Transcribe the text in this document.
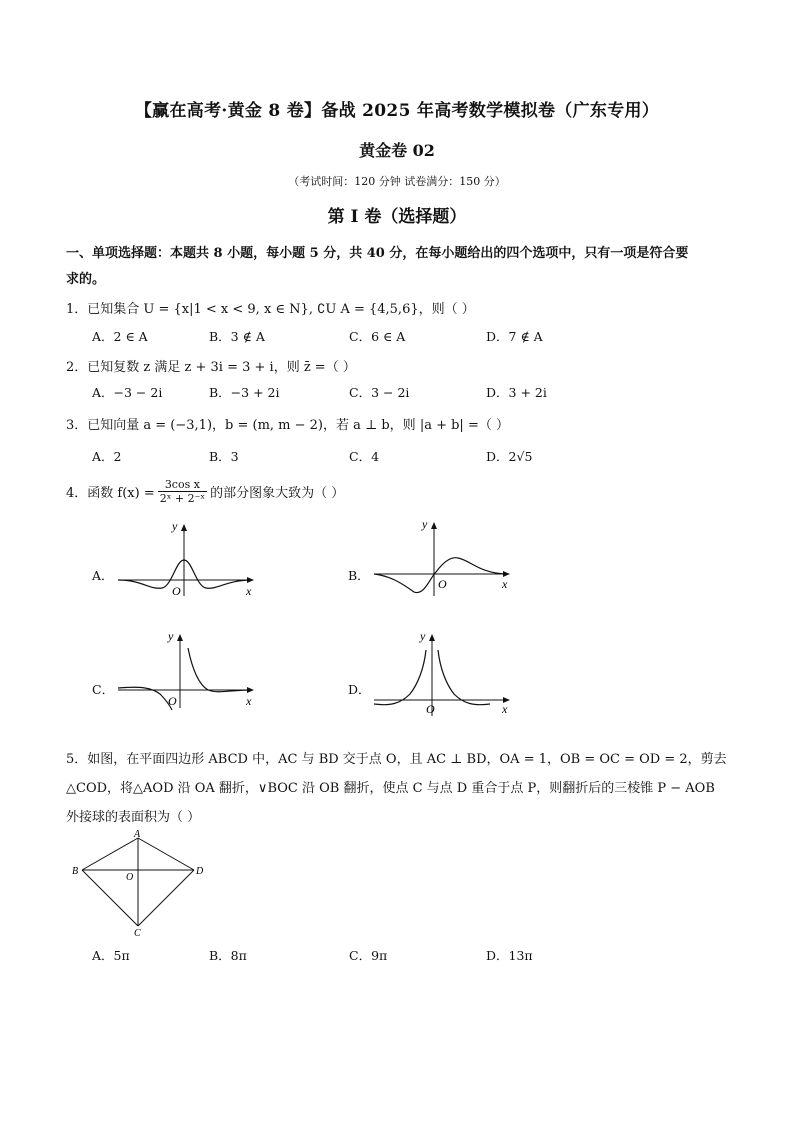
【赢在高考·黄金 8 卷】备战 2025 年高考数学模拟卷（广东专用）
黄金卷 02
（考试时间：120 分钟 试卷满分：150 分）
第 I 卷（选择题）
一、单项选择题：本题共 8 小题，每小题 5 分，共 40 分，在每小题给出的四个选项中，只有一项是符合要
求的。
1．已知集合 U = {x|1 < x < 9, x ∈ N}, ∁U A = {4,5,6}，则（ ）
A．2 ∈ A	B．3 ∉ A	C．6 ∈ A	D．7 ∉ A
2．已知复数 z 满足 z + 3i = 3 + i，则 z̄ =（ ）
A．−3 − 2i	B．−3 + 2i	C．3 − 2i	D．3 + 2i
3．已知向量 a = (−3,1)，b = (m, m − 2)，若 a ⊥ b，则 |a + b| =（ ）
A．2	B．3	C．4	D．2√5
4．函数 $f(x) = \frac{\text{3cos x}}{\text{2ˣ + 2⁻ˣ}}$ 的部分图象大致为（ ）
A．
x
y
O
B．
x
y
O
C．
x
y
O
D．
x
y
O
5．如图，在平面四边形 ABCD 中，AC 与 BD 交于点 O，且 AC ⊥ BD，OA = 1，OB = OC = OD = 2，剪去
△COD，将△AOD 沿 OA 翻折，∨BOC 沿 OB 翻折，使点 C 与点 D 重合于点 P，则翻折后的三棱锥 P − AOB
外接球的表面积为（ ）
A
B
C
D
O
A．5π	B．8π	C．9π	D．13π
